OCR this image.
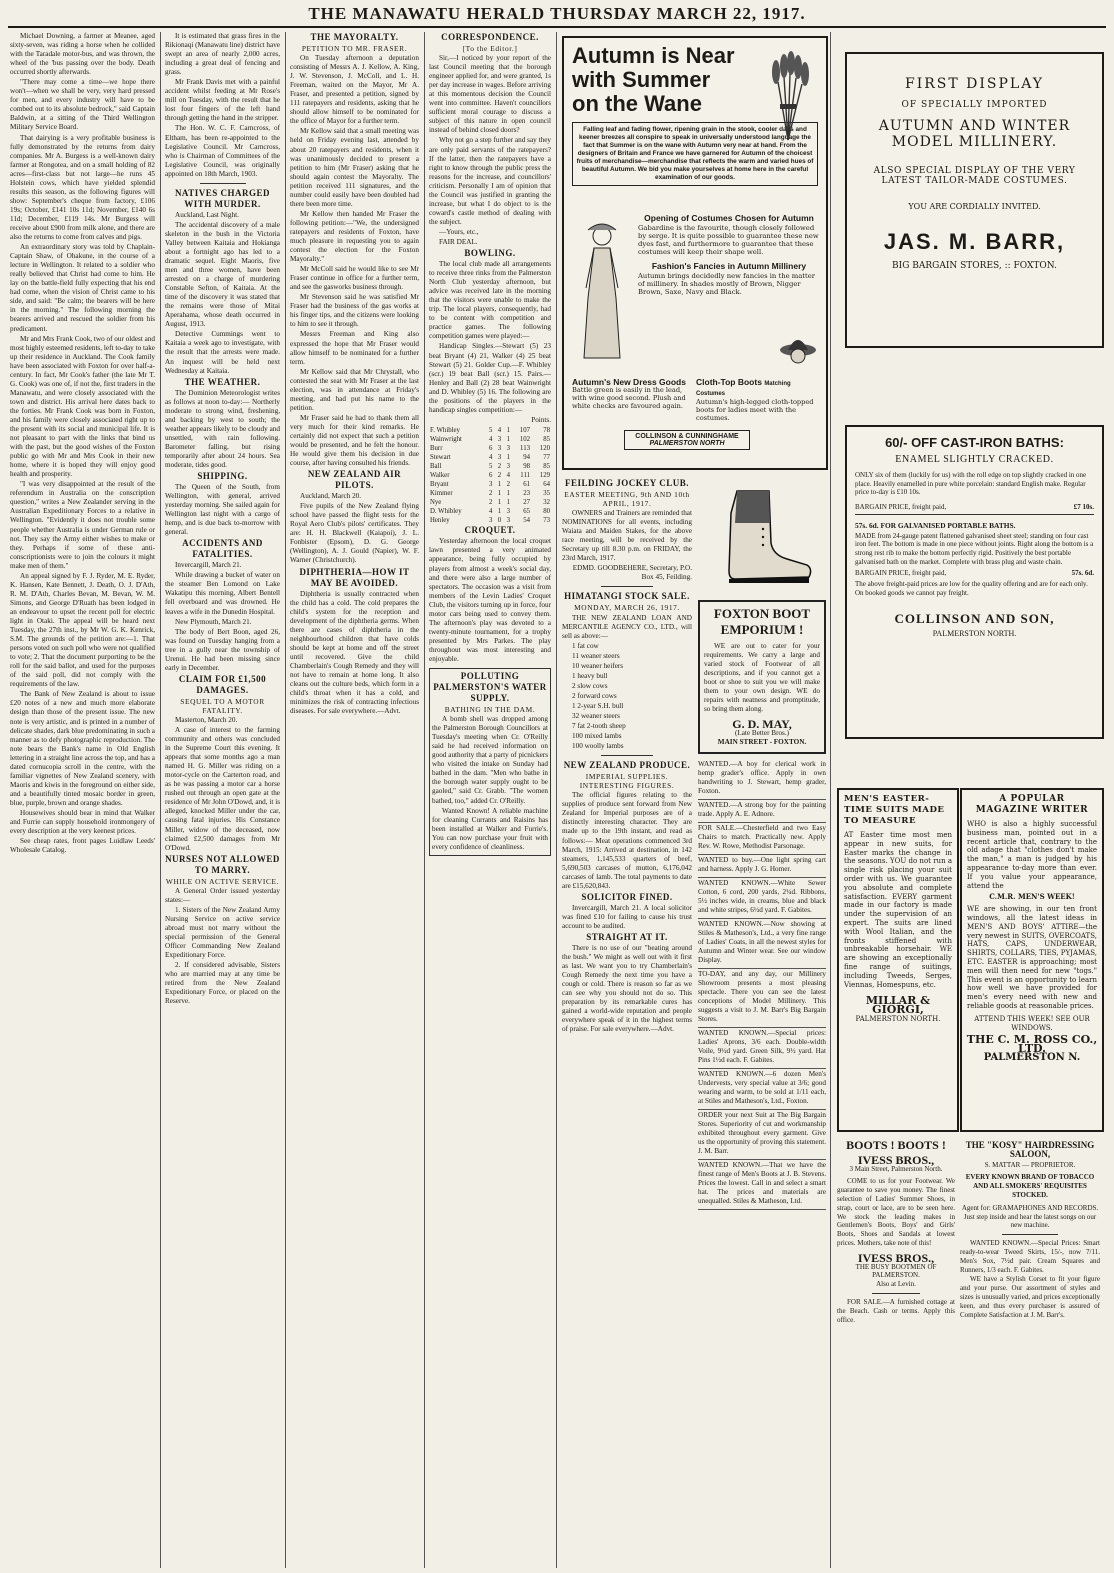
THE MANAWATU HERALD THURSDAY MARCH 22, 1917.

Michael Downing, a farmer at Meanee, aged sixty-seven, was riding a horse when he collided with the Taradale motor-bus, and was thrown, the wheel of the 'bus passing over the body. Death occurred shortly afterwards.

"There may come a time—we hope there won't—when we shall be very, very hard pressed for men, and every industry will have to be combed out to its absolute bedrock," said Captain Baldwin, at a sitting of the Third Wellington Military Service Board.

That dairying is a very profitable business is fully demonstrated by the returns from dairy companies. Mr A. Burgess is a well-known dairy farmer at Rongotea, and on a small holding of 82 acres—first-class but not large—he runs 45 Holstein cows, which have yielded splendid results this season, as the following figures will show: September's cheque from factory, £106 19s; October, £141 10s 11d; November, £140 6s 11d; December, £119 14s. Mr Burgess will receive about £900 from milk alone, and there are also the returns to come from calves and pigs.

An extraordinary story was told by Chaplain-Captain Shaw, of Ohakune, in the course of a lecture in Wellington. It related to a soldier who really believed that Christ had come to him. He lay on the battle-field fully expecting that his end had come, when the vision of Christ came to his side, and said: "Be calm; the bearers will be here in the morning." The following morning the bearers arrived and rescued the soldier from his predicament.

Mr and Mrs Frank Cook, two of our oldest and most highly esteemed residents, left to-day to take up their residence in Auckland. The Cook family have been associated with Foxton for over half-a-century. In fact, Mr Cook's father (the late Mr T. G. Cook) was one of, if not the, first traders in the Manawatu, and were closely associated with the town and district. His arrival here dates back to the forties. Mr Frank Cook was born in Foxton, and his family were closely associated right up to the present with its social and municipal life. It is not pleasant to part with the links that bind us with the past, but the good wishes of the Foxton public go with Mr and Mrs Cook in their new home, where it is hoped they will enjoy good health and prosperity.

"I was very disappointed at the result of the referendum in Australia on the conscription question," writes a New Zealander serving in the Australian Expeditionary Forces to a relative in Wellington. "Evidently it does not trouble some people whether Australia is under German rule or not. They say the Army either wishes to make or they. Perhaps if some of these anti-conscriptionists were to join the colours it might make men of them."

An appeal signed by F. J. Ryder, M. E. Ryder, K. Hansen, Kate Bennett, J. Death, O. J. D'Ath, R. M. D'Ath, Charles Bevan, M. Bevan, W. M. Simons, and George D'Ruath has been lodged in an endeavour to upset the recent poll for electric light in Otaki. The appeal will be heard next Tuesday, the 27th inst., by Mr W. G. K. Kenrick, S.M. The grounds of the petition are:—1. That persons voted on such poll who were not qualified to vote; 2. That the document purporting to be the roll for the said ballot, and used for the purposes of the said poll, did not comply with the requirements of the law.

The Bank of New Zealand is about to issue £20 notes of a new and much more elaborate design than those of the present issue. The new note is very artistic, and is printed in a number of delicate shades, dark blue predominating in such a manner as to defy photographic reproduction. The note bears the Bank's name in Old English lettering in a straight line across the top, and has a dated cornucopia scroll in the centre, with the familiar vignettes of New Zealand scenery, with Maoris and kiwis in the foreground on either side, and a beautifully tinted mosaic border in green, blue, purple, brown and orange shades.

Housewives should bear in mind that Walker and Furrie can supply household ironmongery of every description at the very keenest prices.

See cheap rates, front pages Luidlaw Leeds' Wholesale Catalog.

It is estimated that grass fires in the Rikionaqi (Manawatu line) district have swept an area of nearly 2,000 acres, including a great deal of fencing and grass.

Mr Frank Davis met with a painful accident whilst feeding at Mr Rose's mill on Tuesday, with the result that he lost four fingers of the left hand through getting the hand in the stripper.

The Hon. W. C. F. Carncross, of Eltham, has been re-appointed to the Legislative Council. Mr Carncross, who is Chairman of Committees of the Legislative Council, was originally appointed on 18th March, 1903.

NATIVES CHARGED WITH MURDER.

Auckland, Last Night.

The accidental discovery of a male skeleton in the bush in the Victoria Valley between Kaitaia and Hokianga about a fortnight ago has led to a dramatic sequel. Eight Maoris, five men and three women, have been arrested on a charge of murdering Constable Sefton, of Kaitaia. At the time of the discovery it was stated that the remains were those of Mitai Aperahama, whose death occurred in August, 1913.

Detective Cummings went to Kaitaia a week ago to investigate, with the result that the arrests were made. An inquest will be held next Wednesday at Kaitaia.

THE WEATHER.

The Dominion Meteorologist writes as follows at noon to-day:— Northerly moderate to strong wind, freshening, and backing by west to south; the weather appears likely to be cloudy and unsettled, with rain following. Barometer falling, but rising temporarily after about 24 hours. Sea moderate, tides good.

SHIPPING.

The Queen of the South, from Wellington, with general, arrived yesterday morning. She sailed again for Wellington last night with a cargo of hemp, and is due back to-morrow with general.

ACCIDENTS AND FATALITIES.

Invercargill, March 21.

While drawing a bucket of water on the steamer Ben Lomond on Lake Wakatipu this morning, Albert Bentell fell overboard and was drowned. He leaves a wife in the Dunedin Hospital.

New Plymouth, March 21.

The body of Bert Boon, aged 26, was found on Tuesday hanging from a tree in a gully near the township of Urenui. He had been missing since early in December.

CLAIM FOR £1,500 DAMAGES.

SEQUEL TO A MOTOR FATALITY.

Masterton, March 20.

A case of interest to the farming community and others was concluded in the Supreme Court this evening. It appears that some months ago a man named H. G. Miller was riding on a motor-cycle on the Carterton road, and as he was passing a motor car a horse rushed out through an open gate at the residence of Mr John O'Dowd, and, it is alleged, knocked Miller under the car, causing fatal injuries. His Constance Miller, widow of the deceased, now claimed £2,500 damages from Mr O'Dowd.

NURSES NOT ALLOWED TO MARRY.

WHILE ON ACTIVE SERVICE.

A General Order issued yesterday states:—

1. Sisters of the New Zealand Army Nursing Service on active service abroad must not marry without the special permission of the General Officer Commanding New Zealand Expeditionary Force.

2. If considered advisable, Sisters who are married may at any time be retired from the New Zealand Expeditionary Force, or placed on the Reserve.

THE MAYORALTY.

PETITION TO MR. FRASER.

On Tuesday afternoon a deputation consisting of Messrs A. J. Kellow, A. King, J. W. Stevenson, J. McColl, and L. H. Freeman, waited on the Mayor, Mr A. Fraser, and presented a petition, signed by 111 ratepayers and residents, asking that he should allow himself to be nominated for the office of Mayor for a further term.

Mr Kellow said that a small meeting was held on Friday evening last, attended by about 20 ratepayers and residents, when it was unanimously decided to present a petition to him (Mr Fraser) asking that he should again contest the Mayoralty. The petition received 111 signatures, and the number could easily have been doubled had there been more time.

Mr Kellow then handed Mr Fraser the following petition:—"We, the undersigned ratepayers and residents of Foxton, have much pleasure in requesting you to again contest the election for the Foxton Mayoralty."

Mr McColl said he would like to see Mr Fraser continue in office for a further term, and see the gasworks business through.

Mr Stevenson said he was satisfied Mr Fraser had the business of the gas works at his finger tips, and the citizens were looking to him to see it through.

Messrs Freeman and King also expressed the hope that Mr Fraser would allow himself to be nominated for a further term.

Mr Kellow said that Mr Chrystall, who contested the seat with Mr Fraser at the last election, was in attendance at Friday's meeting, and had put his name to the petition.

Mr Fraser said he had to thank them all very much for their kind remarks. He certainly did not expect that such a petition would be presented, and he felt the honour. He would give them his decision in due course, after having consulted his friends.

NEW ZEALAND AIR PILOTS.

Auckland, March 20.

Five pupils of the New Zealand flying school have passed the flight tests for the Royal Aero Club's pilots' certificates. They are: H. H. Blackwell (Kaiapoi), J. L. Fonbister (Epsom), D. G. George (Wellington), A. J. Gould (Napier), W. F. Warner (Christchurch).

DIPHTHERIA—HOW IT MAY BE AVOIDED.

Diphtheria is usually contracted when the child has a cold. The cold prepares the child's system for the reception and development of the diphtheria germs. When there are cases of diphtheria in the neighbourhood children that have colds should be kept at home and off the street until recovered. Give the child Chamberlain's Cough Remedy and they will not have to remain at home long. It also cleans out the culture beds, which form in a child's throat when it has a cold, and minimizes the risk of contracting infectious diseases. For sale everywhere.—Advt.

CORRESPONDENCE.

[To the Editor.]

Sir,—I noticed by your report of the last Council meeting that the borough engineer applied for, and were granted, 1s per day increase in wages. Before arriving at this momentous decision the Council went into committee. Haven't councillors sufficient moral courage to discuss a subject of this nature in open council instead of behind closed doors?

Why not go a step further and say they are only paid servants of the ratepayers? If the latter, then the ratepayers have a right to know through the public press the reasons for the increase, and councillors' criticism. Personally I am of opinion that the Council was justified in granting the increase, but what I do object to is the coward's castle method of dealing with the subject.

—Yours, etc.,

FAIR DEAL.

BOWLING.

The local club made all arrangements to receive three rinks from the Palmerston North Club yesterday afternoon, but advice was received late in the morning that the visitors were unable to make the trip. The local players, consequently, had to be content with competition and practice games. The following competition games were played:—

Handicap Singles.—Stewart (5) 23 beat Bryant (4) 21, Walker (4) 25 beat Stewart (5) 21. Golder Cup.—F. Whibley (scr.) 19 beat Ball (scr.) 15. Pairs.—Henley and Ball (2) 28 beat Wainwright and D. Whibley (5) 16. The following are the positions of the players in the handicap singles competition:—

Points.

F. Whibley	5	4	1	107	78
Wainwright	4	3	1	102	85
Burr	6	3	3	113	120
Stewart	4	3	1	94	77
Ball	5	2	3	98	85
Walker	6	2	4	111	129
Bryant	3	1	2	61	64
Kimmer	2	1	1	23	35
Nye	2	1	1	27	32
D. Whibley	4	1	3	65	80
Henley	3	0	3	54	73

CROQUET.

Yesterday afternoon the local croquet lawn presented a very animated appearance, being fully occupied by players from almost a week's social day, and there were also a large number of spectators. The occasion was a visit from members of the Levin Ladies' Croquet Club, the visitors turning up in force, four motor cars being used to convey them. The afternoon's play was devoted to a twenty-minute tournament, for a trophy presented by Mrs Parkes. The play throughout was most interesting and enjoyable.

POLLUTING PALMERSTON'S WATER SUPPLY.

BATHING IN THE DAM.

A bomb shell was dropped among the Palmerston Borough Councillors at Tuesday's meeting when Cr. O'Reilly said he had received information on good authority that a party of picnickers who visited the intake on Sunday had bathed in the dam. "Men who bathe in the borough water supply ought to be gaoled," said Cr. Grabb. "The women bathed, too," added Cr. O'Reilly.

Wanted Known! A reliable machine for cleaning Currants and Raisins has been installed at Walker and Furrie's. You can now purchase your fruit with every confidence of cleanliness.

Autumn is Near with Summer on the Wane
Falling leaf and fading flower, ripening grain in the stook, cooler days and keener breezes all conspire to speak in universally understood language the fact that Summer is on the wane with Autumn very near at hand. From the designers of Britain and France we have garnered for Autumn of the choicest fruits of merchandise—merchandise that reflects the warm and varied hues of beautiful Autumn. We bid you make yourselves at home here in the careful examination of our goods.
Opening of Costumes Chosen for Autumn
Gabardine is the favourite, though closely followed by serge. It is quite possible to guarantee these new dyes fast, and furthermore to guarantee that these costumes will keep their shape well.
Fashion's Fancies in Autumn Millinery
Autumn brings decidedly new fancies in the matter of millinery. In shades mostly of Brown, Nigger Brown, Saxe, Navy and Black.
Autumn's New Dress Goods
Battle green is easily in the lead, with wine good second. Plush and white checks are favoured again.
Cloth-Top Boots Matching Costumes
Autumn's high-legged cloth-topped boots for ladies meet with the costumes.
COLLINSON & CUNNINGHAME
PALMERSTON NORTH

FEILDING JOCKEY CLUB.

EASTER MEETING, 9th AND 10th APRIL, 1917.

OWNERS and Trainers are reminded that NOMINATIONS for all events, including Waiata and Maiden Stakes, for the above race meeting, will be received by the Secretary up till 8.30 p.m. on FRIDAY, the 23rd March, 1917.

EDMD. GOODBEHERE, Secretary, P.O. Box 45, Feilding.

HIMATANGI STOCK SALE.

MONDAY, MARCH 26, 1917.

THE NEW ZEALAND LOAN AND MERCANTILE AGENCY CO., LTD., will sell as above:—

1 fat cow

11 weaner steers

10 weaner heifers

1 heavy bull

2 slow cows

2 forward cows

1 2-year S.H. bull

32 weaner steers

7 fat 2-tooth sheep

100 mixed lambs

100 woolly lambs

NEW ZEALAND PRODUCE.

IMPERIAL SUPPLIES. INTERESTING FIGURES.

The official figures relating to the supplies of produce sent forward from New Zealand for Imperial purposes are of a distinctly interesting character. They are made up to the 19th instant, and read as follows:— Meat operations commenced 3rd March, 1915: Arrived at destination, in 142 steamers, 1,145,533 quarters of beef, 5,690,503 carcases of mutton, 6,176,042 carcases of lamb. The total payments to date are £15,620,843.

SOLICITOR FINED.

Invercargill, March 21. A local solicitor was fined £10 for failing to cause his trust account to be audited.

STRAIGHT AT IT.

There is no use of our "beating around the bush." We might as well out with it first as last. We want you to try Chamberlain's Cough Remedy the next time you have a cough or cold. There is reason so far as we can see why you should not do so. This preparation by its remarkable cures has gained a world-wide reputation and people everywhere speak of it in the highest terms of praise. For sale everywhere.—Advt.

FOXTON BOOT EMPORIUM !

WE are out to cater for your requirements. We carry a large and varied stock of Footwear of all descriptions, and if you cannot get a boot or shoe to suit you we will make them to your own design. WE do repairs with neatness and promptitude, so bring them along.

G. D. MAY,
(Late Better Bros.)
MAIN STREET - FOXTON.

WANTED.—A boy for clerical work in hemp grader's office. Apply in own handwriting to J. Stewart, hemp grader, Foxton.

WANTED.—A strong boy for the painting trade. Apply A. E. Adnore.

FOR SALE.—Chesterfield and two Easy Chairs to match. Practically new. Apply Rev. W. Rowe, Methodist Parsonage.

WANTED to buy.—One light spring cart and harness. Apply J. G. Homer.

WANTED KNOWN.—White Sewer Cotton, 6 cord, 200 yards, 2¼d. Ribbons, 5½ inches wide, in creams, blue and black and white stripes, 6½d yard. F. Gabites.

WANTED KNOWN.—Now showing at Stiles & Matheson's, Ltd., a very fine range of Ladies' Coats, in all the newest styles for Autumn and Winter wear. See our window Display.

TO-DAY, and any day, our Millinery Showroom presents a most pleasing spectacle. There you can see the latest conceptions of Model Millinery. This suggests a visit to J. M. Barr's Big Bargain Stores.

WANTED KNOWN.—Special prices: Ladies' Aprons, 3/6 each. Double-width Voile, 9½d yard. Green Silk, 9½ yard. Hat Pins 1½d each. F. Gabites.

WANTED KNOWN.—6 dozen Men's Undervests, very special value at 3/6; good wearing and warm, to be sold at 1/11 each, at Stiles and Matheson's, Ltd., Foxton.

ORDER your next Suit at The Big Bargain Stores. Superiority of cut and workmanship exhibited throughout every garment. Give us the opportunity of proving this statement. J. M. Barr.

WANTED KNOWN.—That we have the finest range of Men's Boots at J. B. Stevens. Prices the lowest. Call in and select a smart hat. The prices and materials are unequalled. Stiles & Matheson, Ltd.

FIRST DISPLAY
OF SPECIALLY IMPORTED
AUTUMN AND WINTER
MODEL MILLINERY.
ALSO SPECIAL DISPLAY OF THE VERY LATEST TAILOR-MADE COSTUMES.
YOU ARE CORDIALLY INVITED.
JAS. M. BARR,
BIG BARGAIN STORES, :: FOXTON.
60/- OFF CAST-IRON BATHS:
ENAMEL SLIGHTLY CRACKED.
ONLY six of them (luckily for us) with the roll edge on top slightly cracked in one place. Heavily enamelled in pure white porcelain: standard English make. Regular price to-day is £10 10s.
BARGAIN PRICE, freight paid,	£7 10s.
57s. 6d. FOR GALVANISED PORTABLE BATHS.
MADE from 24-gauge patent flattened galvanised sheet steel; standing on four cast iron feet. The bottom is made in one piece without joints. Right along the bottom is a strong rest rib to make the bottom perfectly rigid. Positively the best portable galvanised bath on the market. Complete with brass plug and waste chain.
BARGAIN PRICE, freight paid,	57s. 6d.
The above freight-paid prices are low for the quality offering and are for each only. On booked goods we cannot pay freight.
COLLINSON AND SON,
PALMERSTON NORTH.
MEN'S EASTER-TIME SUITS MADE TO MEASURE
AT Easter time most men appear in new suits, for Easter marks the change in the seasons. YOU do not run a single risk placing your suit order with us. We guarantee you absolute and complete satisfaction. EVERY garment made in our factory is made under the supervision of an expert. The suits are lined with Wool Italian, and the fronts stiffened with unbreakable horsehair. WE are showing an exceptionally fine range of suitings, including Tweeds, Serges, Viennas, Homespuns, etc.
MILLAR & GIORGI,
PALMERSTON NORTH.
A POPULAR MAGAZINE WRITER
WHO is also a highly successful business man, pointed out in a recent article that, contrary to the old adage that "clothes don't make the man," a man is judged by his appearance to-day more than ever. If you value your appearance, attend the
C.M.R. MEN'S WEEK!
WE are showing, in our ten front windows, all the latest ideas in MEN'S AND BOYS' ATTIRE—the very newest in SUITS, OVERCOATS, HATS, CAPS, UNDERWEAR, SHIRTS, COLLARS, TIES, PYJAMAS, ETC. EASTER is approaching; most men will then need for new "togs." This event is an opportunity to learn how well we have provided for men's every need with new and reliable goods at reasonable prices.
ATTEND THIS WEEK! SEE OUR WINDOWS.
THE C. M. ROSS CO., LTD.
PALMERSTON N.
BOOTS ! BOOTS !
IVESS BROS.,
3 Main Street, Palmerston North.

COME to us for your Footwear. We guarantee to save you money. The finest selection of Ladies' Summer Shoes, in strap, court or lace, are to be seen here. We stock the leading makes in Gentlemen's Boots, Boys' and Girls' Boots, Shoes and Sandals at lowest prices. Mothers, take note of this!

IVESS BROS.,
THE BUSY BOOTMEN OF PALMERSTON.
Also at Levin.

FOR SALE.—A furnished cottage at the Beach. Cash or terms. Apply this office.

THE "KOSY" HAIRDRESSING SALOON,
S. MATTAR — PROPRIETOR.
EVERY KNOWN BRAND OF TOBACCO AND ALL SMOKERS' REQUISITES STOCKED.
Agent for: GRAMAPHONES AND RECORDS. Just step inside and hear the latest songs on our new machine.

WANTED KNOWN.—Special Prices: Smart ready-to-wear Tweed Skirts, 15/-, now 7/11. Men's Sox, 7½d pair. Cream Squares and Runners, 1/3 each. F. Gabites.

WE have a Stylish Corset to fit your figure and your purse. Our assortment of styles and sizes is unusually varied, and prices exceptionally keen, and thus every purchaser is assured of Complete Satisfaction at J. M. Barr's.
